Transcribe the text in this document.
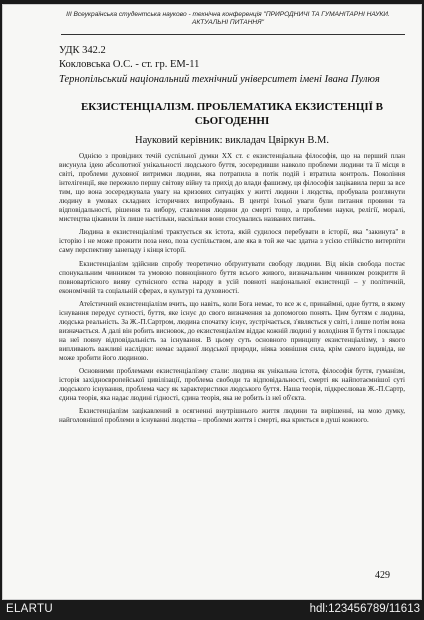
III Всеукраїнська студентська науково - технічна конференція "ПРИРОДНИЧІ ТА ГУМАНІТАРНІ НАУКИ. АКТУАЛЬНІ ПИТАННЯ"
УДК 342.2
Кокловська О.С. - ст. гр. ЕМ-11
Тернопільський національний технічний університет імені Івана Пулюя
ЕКЗИСТЕНЦІАЛІЗМ. ПРОБЛЕМАТИКА ЕКЗИСТЕНЦІЇ В СЬОГОДЕННІ
Науковий керівник: викладач Цвіркун В.М.

Однією з провідних течій суспільної думки XX ст. є екзистенціальна філософія, що на перший план висунула ідею абсолютної унікальності людського буття, зосередивши навколо проблеми людини та її місця в світі, проблеми духовної витримки людини, яка потрапила в потік подій і втратила контроль. Покоління інтелігенції, яке пережило першу світову війну та прихід до влади фашизму, ця філософія зацікавила перш за все тим, що вона зосереджувала увагу на кризових ситуаціях у житті людини і людства, пробувала розглянути людину в умовах складних історичних випробувань. В центрі їхньої уваги були питання провини та відповідальності, рішення та вибору, ставлення людини до смерті тощо, а проблеми науки, релігії, моралі, мистецтва цікавили їх лише настільки, наскільки вони стосувались названих питань.

Людина в екзистенціалізмі трактується як істота, якій судилося перебувати в історії, яка "закинута" в історію і не може прожити поза нею, поза суспільством, але яка в той же час здатна з усією стійкістю витерпіти саму перспективу занепаду і кінця історії.

Екзистенціалізм здійснив спробу теоретично обґрунтувати свободу людини. Від віків свобода постає спонукальним чинником та умовою повноцінного буття всього живого, визначальним чинником розкриття й повновартісного вияву сутнісного єства народу в усій повноті національної екзистенції – у політичній, економічній та соціальній сферах, в культурі та духовності.

Атеїстичний екзистенціалізм вчить, що навіть, коли Бога немає, то все ж є, принаймні, одне буття, в якому існування передує сутності, буття, яке існує до свого визначення за допомогою понять. Цим буттям є людина, людська реальність. За Ж.-П.Сартром, людина спочатку існує, зустрічається, з'являється у світі, і лише потім вона визначається. А далі він робить висновок, до екзистенціалізм віддає кожній людині у володіння її буття і покладає на неї повну відповідальність за існування. В цьому суть основного принципу екзистенціалізму, з якого випливають важливі наслідки: немає заданої людської природи, ніяка зовнішня сила, крім самого індивіда, не може зробити його людиною.

Основними проблемами екзистенціалізму стали: людина як унікальна істота, філософія буття, гуманізм, історія західноєвропейської цивілізації, проблема свободи та відповідальності, смерті як найпотаємнішої суті людського існування, проблема часу як характеристики людського буття. Наша теорія, підкреслював Ж.-П.Сартр, єдина теорія, яка надає людині гідності, єдина теорія, яка не робить із неї об'єкта.

Екзистенціалізм зацікавлений в осягненні внутрішнього життя людини та вирішенні, на мою думку, найголовнішої проблеми в існуванні людства – проблеми життя і смерті, яка криється в душі кожного.

429
ELARTU	hdl:123456789/11613
